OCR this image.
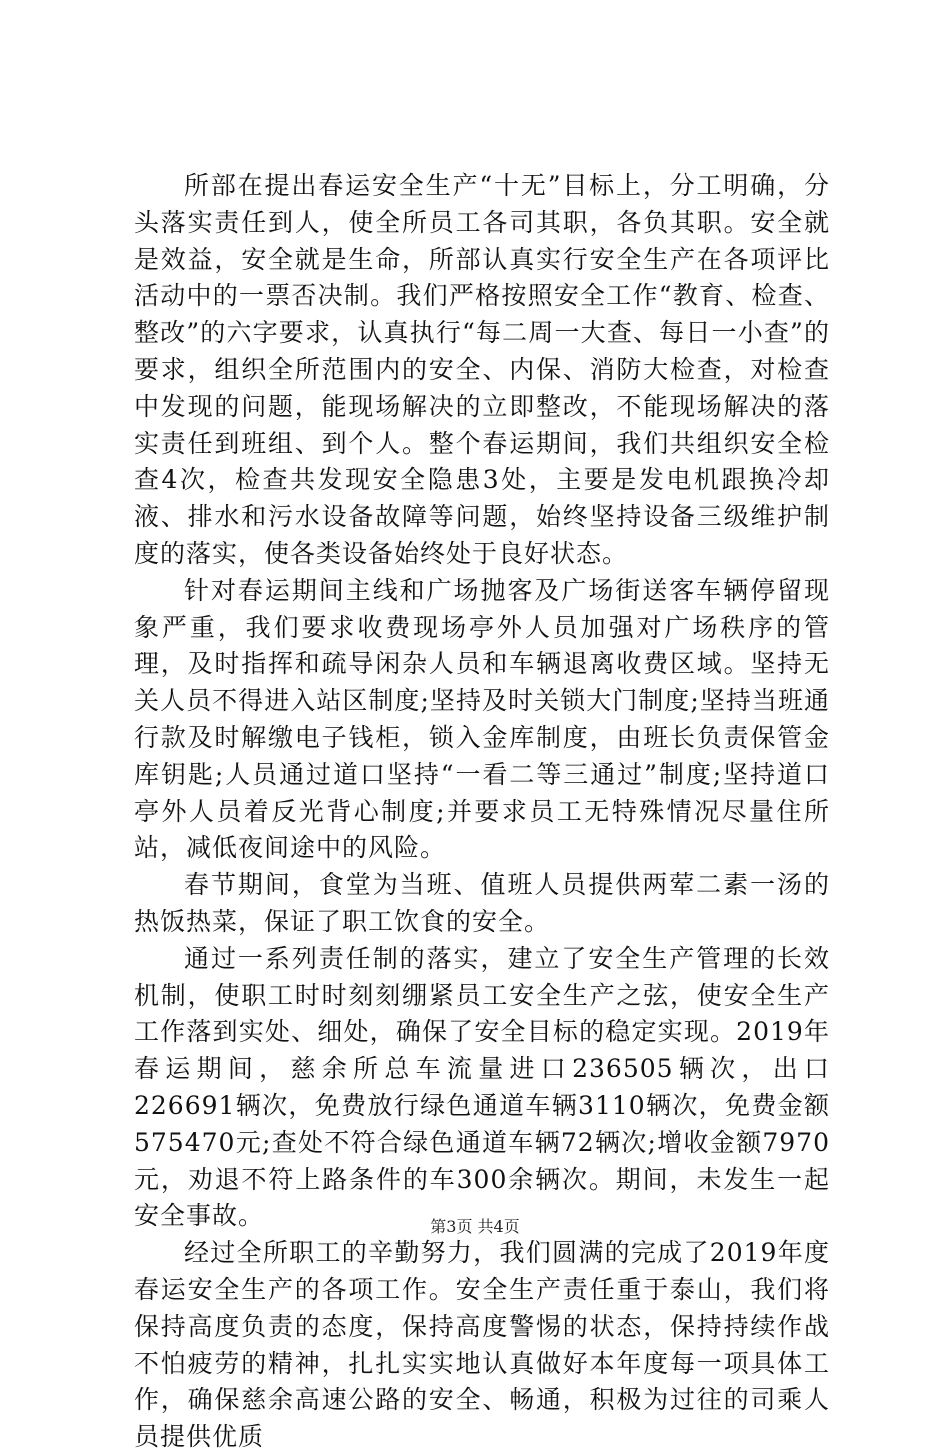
所部在提出春运安全生产“十无”目标上，分工明确，分头落实责任到人，使全所员工各司其职，各负其职。安全就是效益，安全就是生命，所部认真实行安全生产在各项评比活动中的一票否决制。我们严格按照安全工作“教育、检查、整改”的六字要求，认真执行“每二周一大查、每日一小查”的要求，组织全所范围内的安全、内保、消防大检查，对检查中发现的问题，能现场解决的立即整改，不能现场解决的落实责任到班组、到个人。整个春运期间，我们共组织安全检查4次，检查共发现安全隐患3处，主要是发电机跟换冷却液、排水和污水设备故障等问题，始终坚持设备三级维护制度的落实，使各类设备始终处于良好状态。

针对春运期间主线和广场抛客及广场街送客车辆停留现象严重，我们要求收费现场亭外人员加强对广场秩序的管理，及时指挥和疏导闲杂人员和车辆退离收费区域。坚持无关人员不得进入站区制度;坚持及时关锁大门制度;坚持当班通行款及时解缴电子钱柜，锁入金库制度，由班长负责保管金库钥匙;人员通过道口坚持“一看二等三通过”制度;坚持道口亭外人员着反光背心制度;并要求员工无特殊情况尽量住所站，减低夜间途中的风险。

春节期间，食堂为当班、值班人员提供两荤二素一汤的热饭热菜，保证了职工饮食的安全。

通过一系列责任制的落实，建立了安全生产管理的长效机制，使职工时时刻刻绷紧员工安全生产之弦，使安全生产工作落到实处、细处，确保了安全目标的稳定实现。2019年春运期间，慈余所总车流量进口236505辆次，出口226691辆次，免费放行绿色通道车辆3110辆次，免费金额575470元;查处不符合绿色通道车辆72辆次;增收金额7970元，劝退不符上路条件的车300余辆次。期间，未发生一起安全事故。

经过全所职工的辛勤努力，我们圆满的完成了2019年度春运安全生产的各项工作。安全生产责任重于泰山，我们将保持高度负责的态度，保持高度警惕的状态，保持持续作战不怕疲劳的精神，扎扎实实地认真做好本年度每一项具体工作，确保慈余高速公路的安全、畅通，积极为过往的司乘人员提供优质

第3页 共4页
